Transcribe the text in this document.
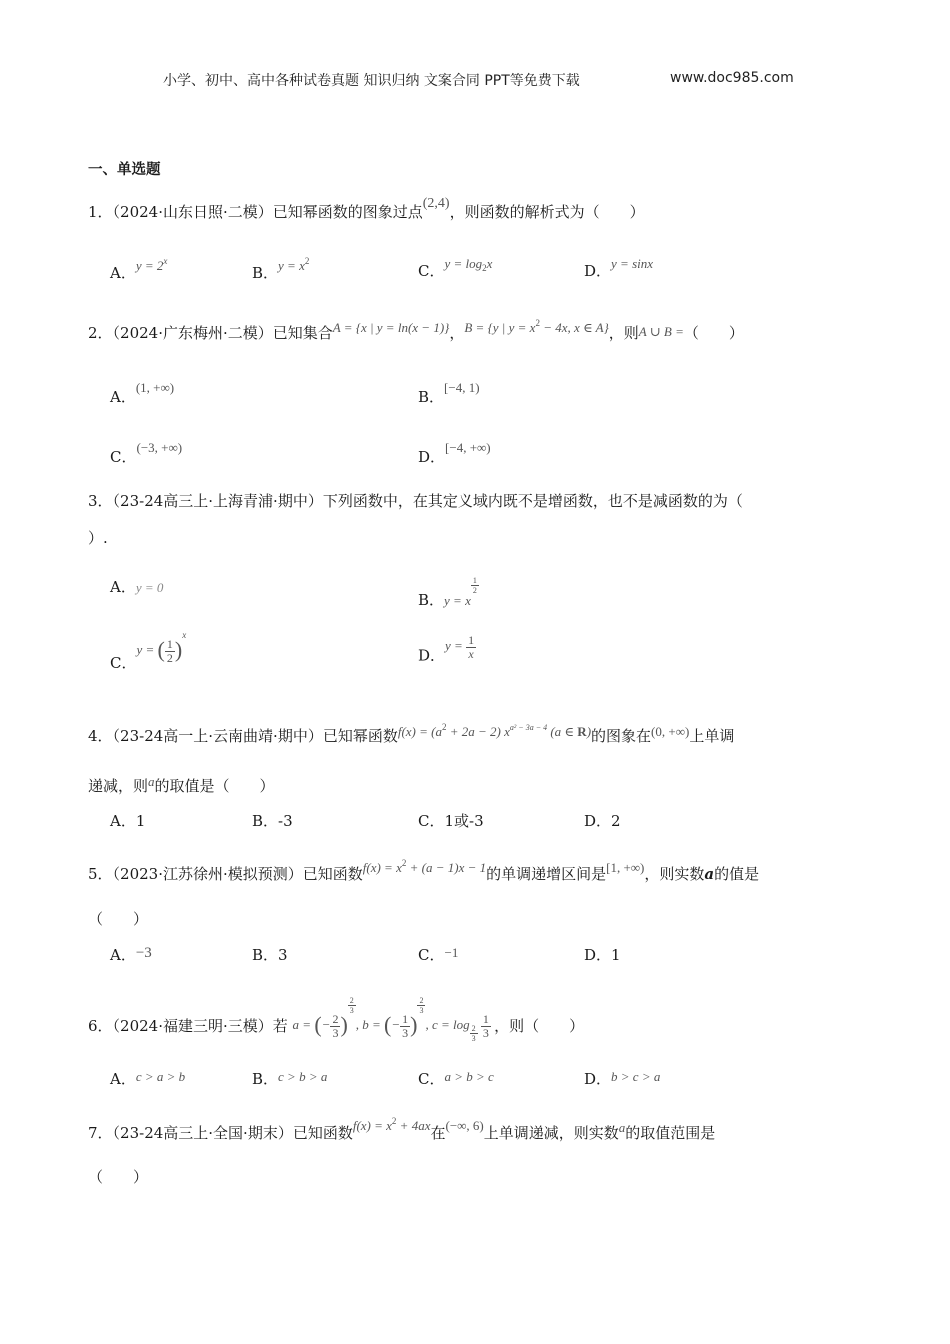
小学、初中、高中各种试卷真题 知识归纳 文案合同 PPT等免费下载	www.doc985.com
一、单选题
1．（2024·山东日照·二模）已知幂函数的图象过点(2,4)，则函数的解析式为（　　）
A．$y = 2^x$
B．$y = x^2$
C．$y = \log_2x$	D．y = sinx
2．（2024·广东梅州·二模）已知集合A = {x | y = ln(x − 1)}，B = {y | $y = x^2 - 4x$, x ∈ A}，则A ∪ B =（　　）
A．(1, +∞)
B．[−4, 1)
C．(−3, +∞)
D．[−4, +∞)
3．（23-24高三上·上海青浦·期中）下列函数中，在其定义域内既不是增函数，也不是减函数的为（
）.
A．y = 0
B．y = x
$\frac{1}{2}$
C．y = ( $\frac{1}{2} )^x$
D．$y = \frac{1}{x}$
4．（23-24高一上·云南曲靖·期中）已知幂函数$f(x) = (a^2 + 2a - 2)$ $x^{a^2 - 3a - 4}$ (a ∈ R)的图象在(0, +∞)上单调
递减，则a的取值是（　　）
A．1	B．-3	C．1或-3	D．2
5．（2023·江苏徐州·模拟预测）已知函数$f(x) = x^2 + (a - 1)x - 1$的单调递增区间是[1, +∞)，则实数a的值是
（　　）
A．−3	B．3	C．−1	D．1
6．（2024·福建三明·三模）若 a = (− $\frac{2}{3}$ )
$\frac{2}{3}$
, b = (− $\frac{1}{3}$ )
$\frac{2}{3}$
, $c = \log \frac{2}{3}$
$\frac{1}{3}$ ，则（　　）
A．c > a > b	B．c > b > a	C．a > b > c	D．b > c > a
7．（23-24高三上·全国·期末）已知函数$f(x) = x^2 + 4ax$在(−∞, 6)上单调递减，则实数a的取值范围是
（　　）
